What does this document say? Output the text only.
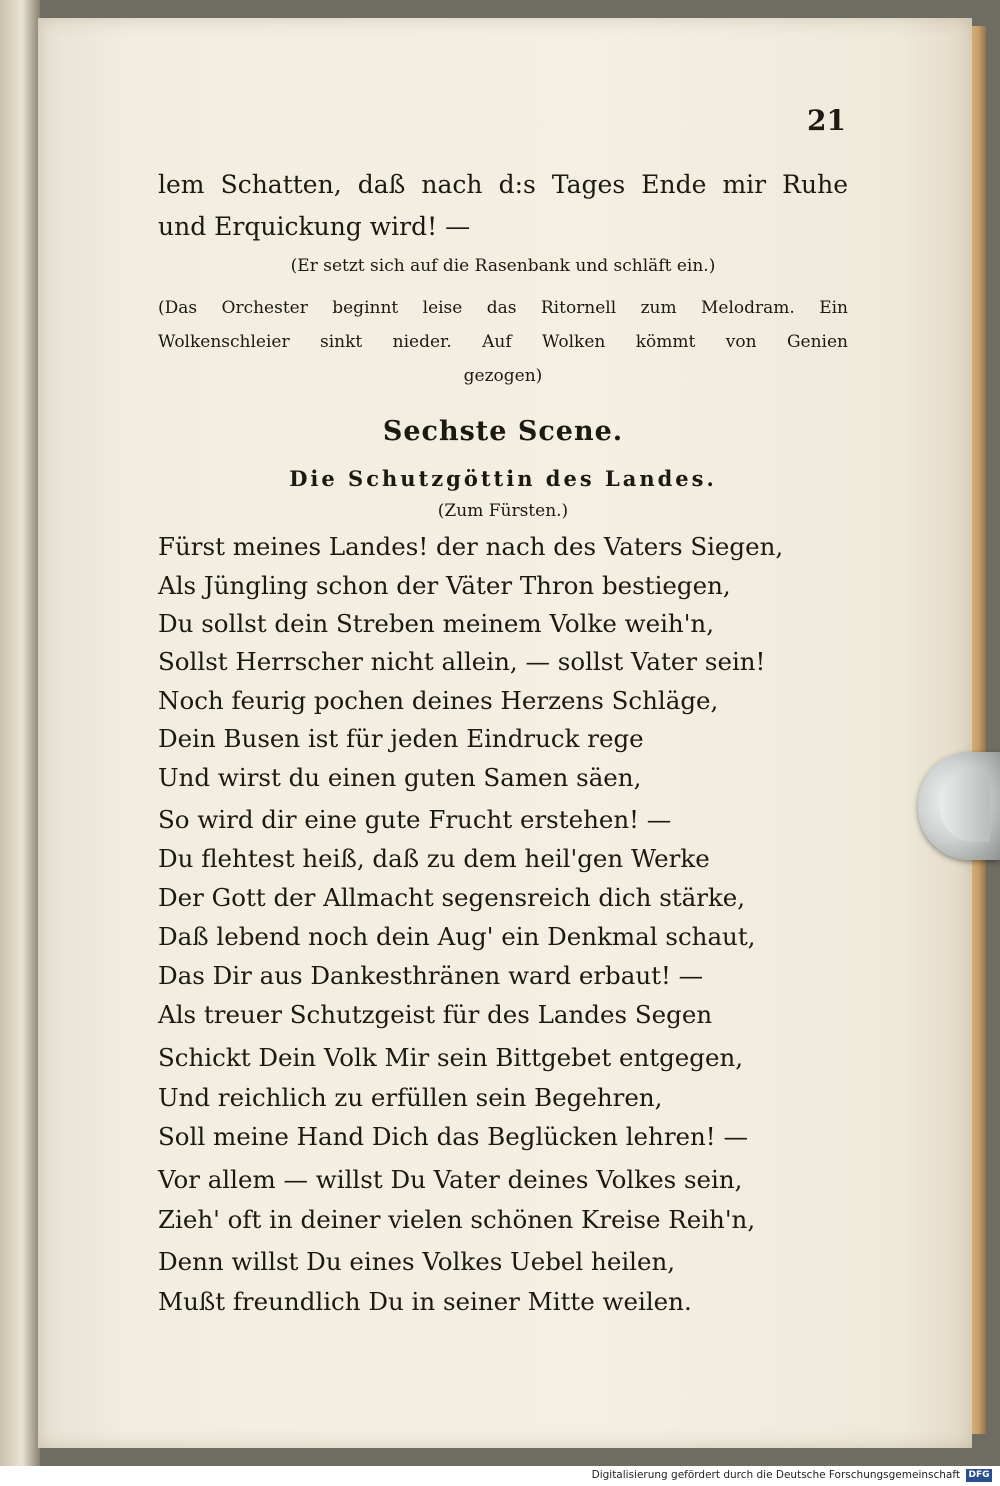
21
lem Schatten, daß nach d:s Tages Ende mir Ruhe
und Erquickung wird! —
(Er setzt sich auf die Rasenbank und schläft ein.)
(Das Orchester beginnt leise das Ritornell zum Melodram. Ein
Wolkenschleier sinkt nieder. Auf Wolken kömmt von Genien
gezogen)
Sechste Scene.
Die Schutzgöttin des Landes.
(Zum Fürsten.)
Fürst meines Landes! der nach des Vaters Siegen,
Als Jüngling schon der Väter Thron bestiegen,
Du sollst dein Streben meinem Volke weih'n,
Sollst Herrscher nicht allein, — sollst Vater sein!
Noch feurig pochen deines Herzens Schläge,
Dein Busen ist für jeden Eindruck rege
Und wirst du einen guten Samen säen,
So wird dir eine gute Frucht erstehen! —
Du flehtest heiß, daß zu dem heil'gen Werke
Der Gott der Allmacht segensreich dich stärke,
Daß lebend noch dein Aug' ein Denkmal schaut,
Das Dir aus Dankesthränen ward erbaut! —
Als treuer Schutzgeist für des Landes Segen
Schickt Dein Volk Mir sein Bittgebet entgegen,
Und reichlich zu erfüllen sein Begehren,
Soll meine Hand Dich das Beglücken lehren! —
Vor allem — willst Du Vater deines Volkes sein,
Zieh' oft in deiner vielen schönen Kreise Reih'n,
Denn willst Du eines Volkes Uebel heilen,
Mußt freundlich Du in seiner Mitte weilen.
Digitalisierung gefördert durch die Deutsche Forschungsgemeinschaft DFG
